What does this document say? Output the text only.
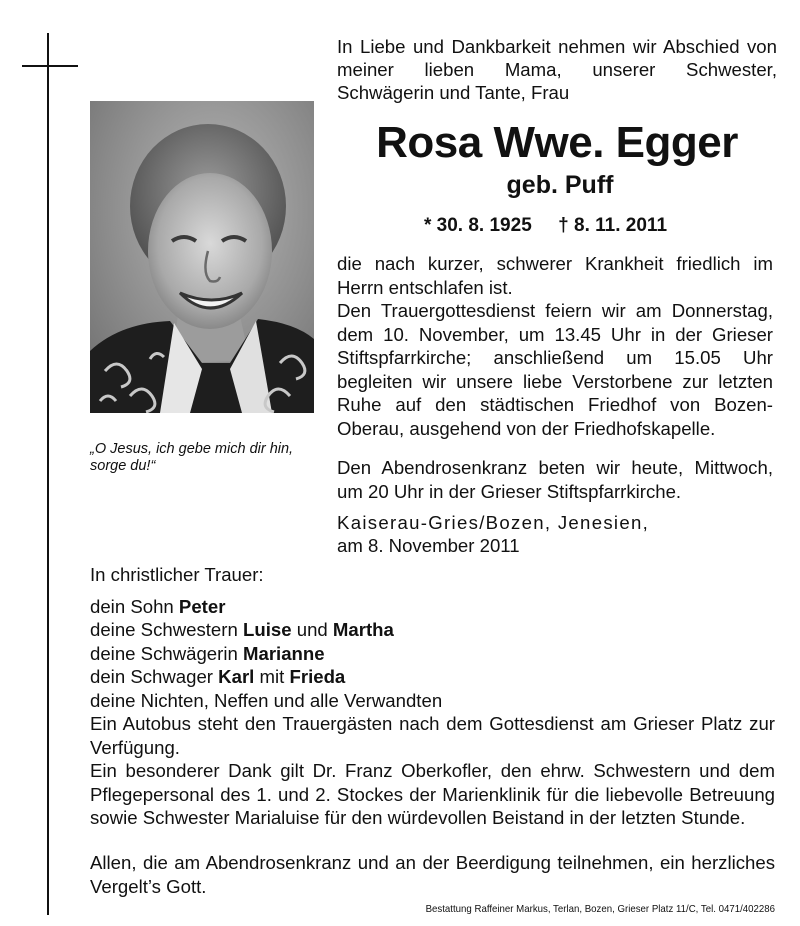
„O Jesus, ich gebe mich dir hin, sorge du!“
In Liebe und Dankbarkeit nehmen wir Abschied von meiner lieben Mama, unserer Schwester, Schwägerin und Tante, Frau
Rosa Wwe. Egger
geb. Puff
* 30. 8. 1925 † 8. 11. 2011
die nach kurzer, schwerer Krankheit friedlich im Herrn entschlafen ist.
Den Trauergottesdienst feiern wir am Donnerstag, dem 10. November, um 13.45 Uhr in der Grieser Stiftspfarrkirche; anschließend um 15.05 Uhr begleiten wir unsere liebe Verstorbene zur letzten Ruhe auf den städtischen Friedhof von Bozen-Oberau, ausgehend von der Friedhofskapelle.
Den Abendrosenkranz beten wir heute, Mittwoch, um 20 Uhr in der Grieser Stiftspfarrkirche.
Kaiserau-Gries/Bozen, Jenesien,
am 8. November 2011
In christlicher Trauer:
dein Sohn Peter
deine Schwestern Luise und Martha
deine Schwägerin Marianne
dein Schwager Karl mit Frieda
deine Nichten, Neffen und alle Verwandten
Ein Autobus steht den Trauergästen nach dem Gottesdienst am Grieser Platz zur Verfügung.
Ein besonderer Dank gilt Dr. Franz Oberkofler, den ehrw. Schwestern und dem Pflegepersonal des 1. und 2. Stockes der Marienklinik für die liebevolle Betreuung sowie Schwester Marialuise für den würdevollen Beistand in der letzten Stunde.
Allen, die am Abendrosenkranz und an der Beerdigung teilnehmen, ein herzliches Vergelt’s Gott.
Bestattung Raffeiner Markus, Terlan, Bozen, Grieser Platz 11/C, Tel. 0471/402286
